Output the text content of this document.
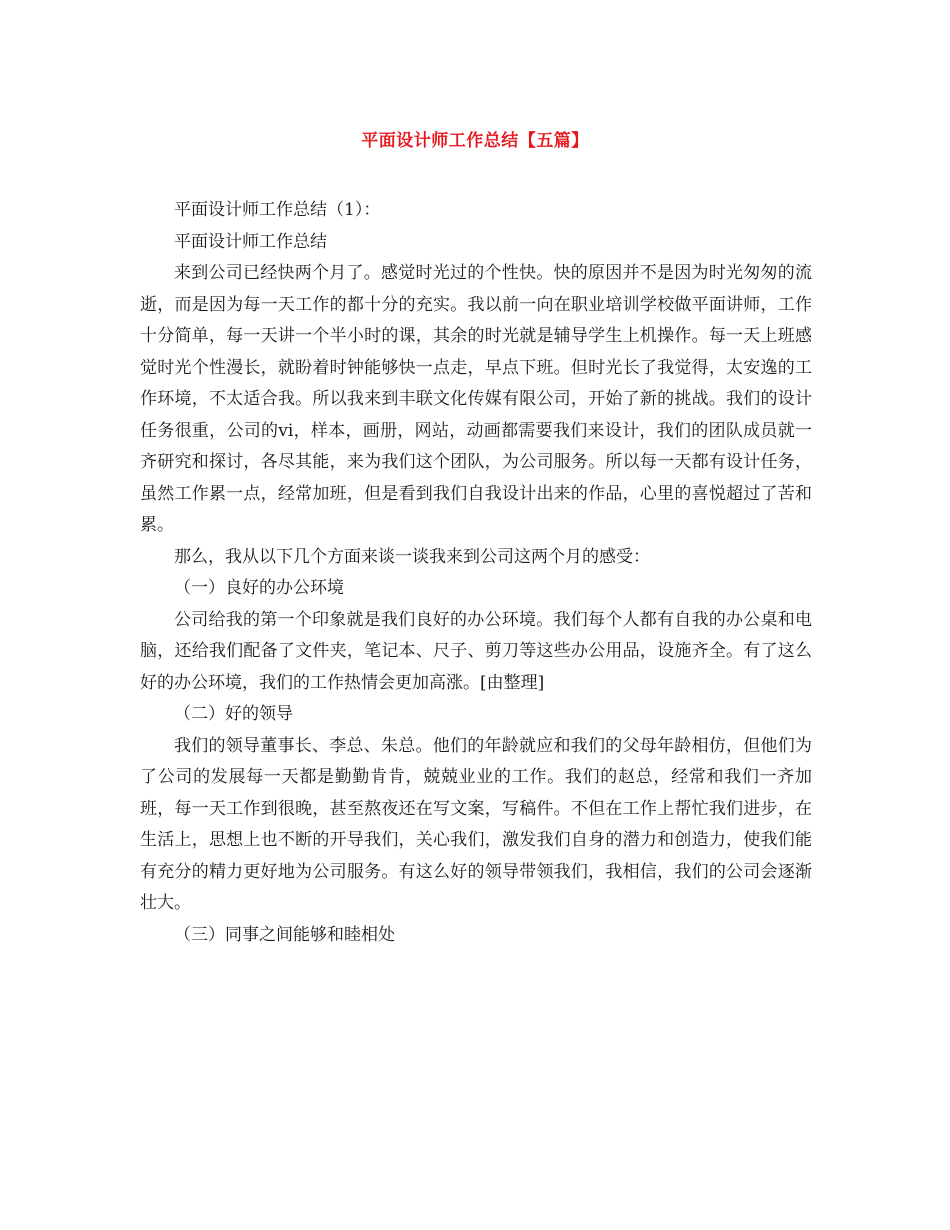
平面设计师工作总结【五篇】

平面设计师工作总结（1）：

平面设计师工作总结

来到公司已经快两个月了。感觉时光过的个性快。快的原因并不是因为时光匆匆的流逝，而是因为每一天工作的都十分的充实。我以前一向在职业培训学校做平面讲师，工作十分简单，每一天讲一个半小时的课，其余的时光就是辅导学生上机操作。每一天上班感觉时光个性漫长，就盼着时钟能够快一点走，早点下班。但时光长了我觉得，太安逸的工作环境，不太适合我。所以我来到丰联文化传媒有限公司，开始了新的挑战。我们的设计任务很重，公司的vi，样本，画册，网站，动画都需要我们来设计，我们的团队成员就一齐研究和探讨，各尽其能，来为我们这个团队，为公司服务。所以每一天都有设计任务，虽然工作累一点，经常加班，但是看到我们自我设计出来的作品，心里的喜悦超过了苦和累。

那么，我从以下几个方面来谈一谈我来到公司这两个月的感受：

（一）良好的办公环境

公司给我的第一个印象就是我们良好的办公环境。我们每个人都有自我的办公桌和电脑，还给我们配备了文件夹，笔记本、尺子、剪刀等这些办公用品，设施齐全。有了这么好的办公环境，我们的工作热情会更加高涨。[由整理]

（二）好的领导

我们的领导董事长、李总、朱总。他们的年龄就应和我们的父母年龄相仿，但他们为了公司的发展每一天都是勤勤肯肯，兢兢业业的工作。我们的赵总，经常和我们一齐加班，每一天工作到很晚，甚至熬夜还在写文案，写稿件。不但在工作上帮忙我们进步，在生活上，思想上也不断的开导我们，关心我们，激发我们自身的潜力和创造力，使我们能有充分的精力更好地为公司服务。有这么好的领导带领我们，我相信，我们的公司会逐渐壮大。

（三）同事之间能够和睦相处
